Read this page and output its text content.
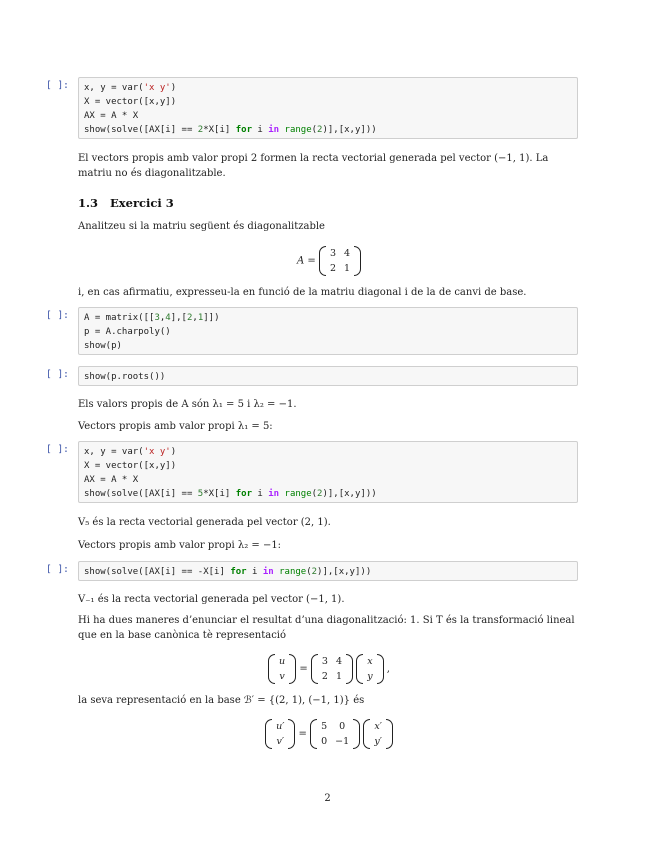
[ ]:	x, y = var('x y')
X = vector([x,y])
AX = A * X
show(solve([AX[i] == 2*X[i] for i in range(2)],[x,y]))
El vectors propis amb valor propi 2 formen la recta vectorial generada pel vector (−1, 1). La matriu no és diagonalitzable.
1.3 Exercici 3
Analitzeu si la matriu següent és diagonalitzable
A =
3	4
2	1
i, en cas afirmatiu, expresseu-la en funció de la matriu diagonal i de la de canvi de base.
[ ]:	A = matrix([[3,4],[2,1]])
p = A.charpoly()
show(p)
[ ]:	show(p.roots())
Els valors propis de A són λ₁ = 5 i λ₂ = −1.
Vectors propis amb valor propi λ₁ = 5:
[ ]:	x, y = var('x y')
X = vector([x,y])
AX = A * X
show(solve([AX[i] == 5*X[i] for i in range(2)],[x,y]))
V₅ és la recta vectorial generada pel vector (2, 1).
Vectors propis amb valor propi λ₂ = −1:
[ ]:	show(solve([AX[i] == -X[i] for i in range(2)],[x,y]))
V₋₁ és la recta vectorial generada pel vector (−1, 1).
Hi ha dues maneres d’enunciar el resultat d’una diagonalització: 1. Si T és la transformació lineal que en la base canònica tè representació
u
v
=
3	4
2	1

x
y
,
la seva representació en la base ℬ′ = {(2, 1), (−1, 1)} és
u′
v′
=
5	0
0	−1

x′
y′
2
